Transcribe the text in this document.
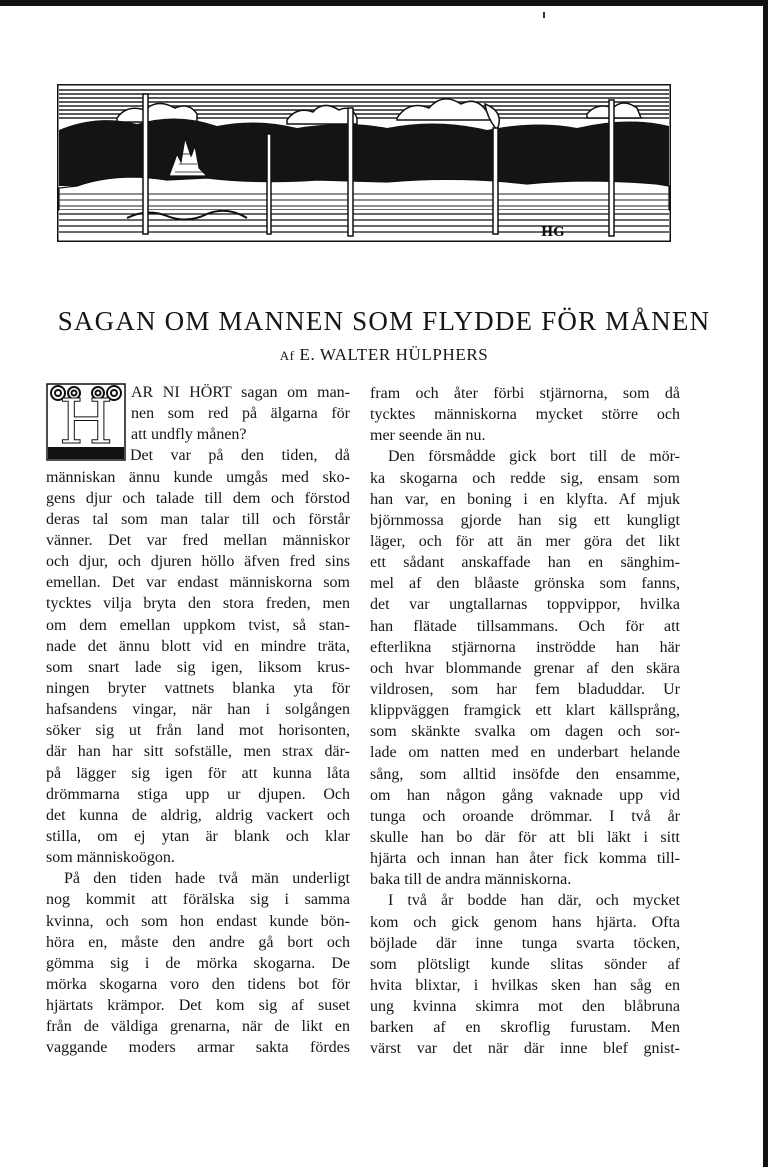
HG
SAGAN OM MANNEN SOM FLYDDE FÖR MÅNEN

Af E. WALTER HÜLPHERS

H	AR NI HÖRT sagan om man-
nen som red på älgarna för
att undfly månen?
Det var på den tiden, då
människan ännu kunde umgås med sko-
gens djur och talade till dem och förstod
deras tal som man talar till och förstår
vänner. Det var fred mellan människor
och djur, och djuren höllo äfven fred sins
emellan. Det var endast människorna som
tycktes vilja bryta den stora freden, men
om dem emellan uppkom tvist, så stan-
nade det ännu blott vid en mindre träta,
som snart lade sig igen, liksom krus-
ningen bryter vattnets blanka yta för
hafsandens vingar, när han i solgången
söker sig ut från land mot horisonten,
där han har sitt sofställe, men strax där-
på lägger sig igen för att kunna låta
drömmarna stiga upp ur djupen. Och
det kunna de aldrig, aldrig vackert och
stilla, om ej ytan är blank och klar
som människoögon.
På den tiden hade två män underligt
nog kommit att förälska sig i samma
kvinna, och som hon endast kunde bön-
höra en, måste den andre gå bort och
gömma sig i de mörka skogarna. De
mörka skogarna voro den tidens bot för
hjärtats krämpor. Det kom sig af suset
från de väldiga grenarna, när de likt en
vaggande moders armar sakta fördes
fram och åter förbi stjärnorna, som då
tycktes människorna mycket större och
mer seende än nu.
Den försmådde gick bort till de mör-
ka skogarna och redde sig, ensam som
han var, en boning i en klyfta. Af mjuk
björnmossa gjorde han sig ett kungligt
läger, och för att än mer göra det likt
ett sådant anskaffade han en sänghim-
mel af den blåaste grönska som fanns,
det var ungtallarnas toppvippor, hvilka
han flätade tillsammans. Och för att
efterlikna stjärnorna inströdde han här
och hvar blommande grenar af den skära
vildrosen, som har fem bladuddar. Ur
klippväggen framgick ett klart källsprång,
som skänkte svalka om dagen och sor-
lade om natten med en underbart helande
sång, som alltid insöfde den ensamme,
om han någon gång vaknade upp vid
tunga och oroande drömmar. I två år
skulle han bo där för att bli läkt i sitt
hjärta och innan han åter fick komma till-
baka till de andra människorna.
I två år bodde han där, och mycket
kom och gick genom hans hjärta. Ofta
böjlade där inne tunga svarta töcken,
som plötsligt kunde slitas sönder af
hvita blixtar, i hvilkas sken han såg en
ung kvinna skimra mot den blåbruna
barken af en skroflig furustam. Men
värst var det när där inne blef gnist-
